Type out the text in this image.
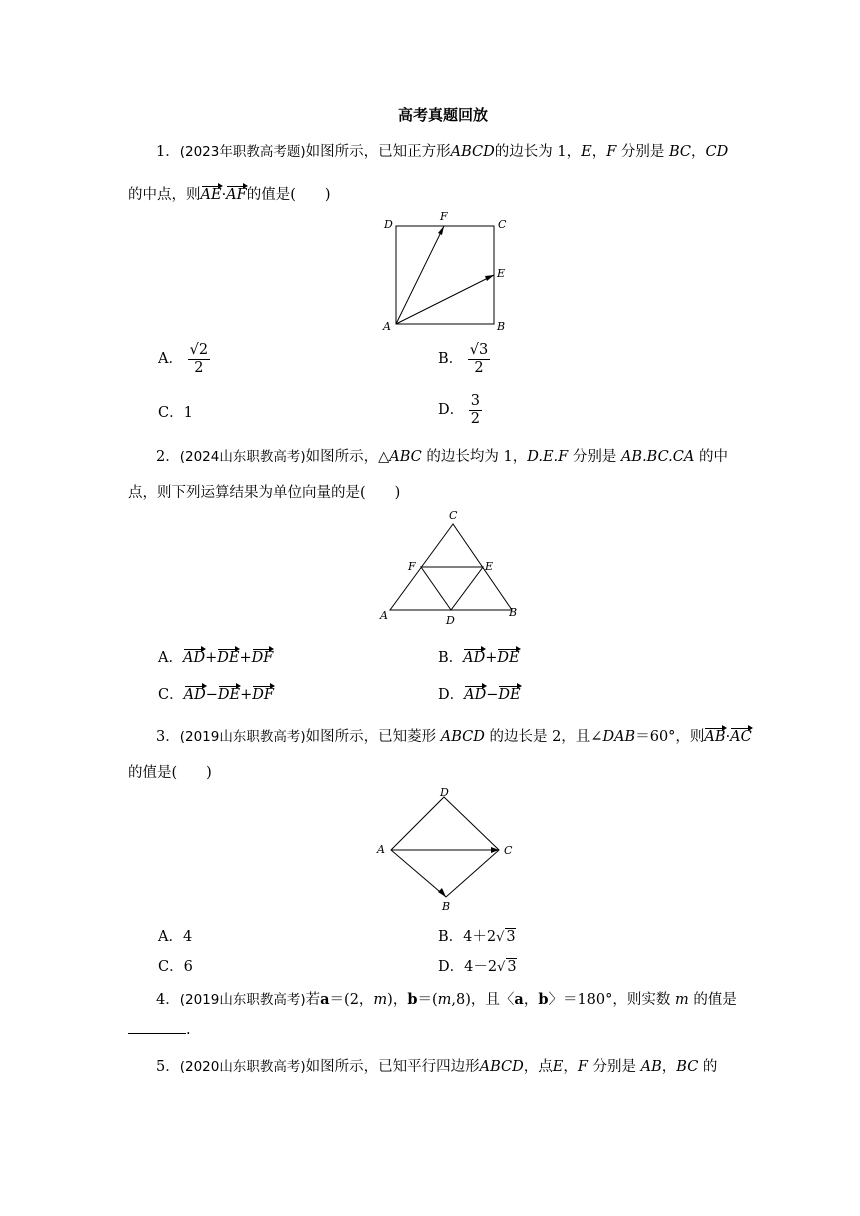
高考真题回放
1．(2023年职教高考题)如图所示，已知正方形ABCD的边长为 1，E，F 分别是 BC，CD
的中点，则AE·AF的值是(　　)
D
F
C
E
A	B
A． $\frac{√2}{2}$	B． $\frac{√3}{2}$
C．1	D． $\frac{3}{2}$
2．(2024山东职教高考)如图所示，△ABC 的边长均为 1，D.E.F 分别是 AB.BC.CA 的中
点，则下列运算结果为单位向量的是(　　)
C
F	E
A	D
B
A．AD+DE+DF	B．AD+DE
C．AD−DE+DF	D．AD−DE
3．(2019山东职教高考)如图所示，已知菱形 ABCD 的边长是 2，且∠DAB＝60°，则AB·AC
的值是(　　)
D
A	C
B
A．4	B．4＋2√ 3
C．6	D．4－2√ 3
4．(2019山东职教高考)若a＝(2，m)，b＝(m,8)，且〈a，b〉＝180°，则实数 m 的值是
.
5．(2020山东职教高考)如图所示，已知平行四边形ABCD，点E，F 分别是 AB，BC 的
